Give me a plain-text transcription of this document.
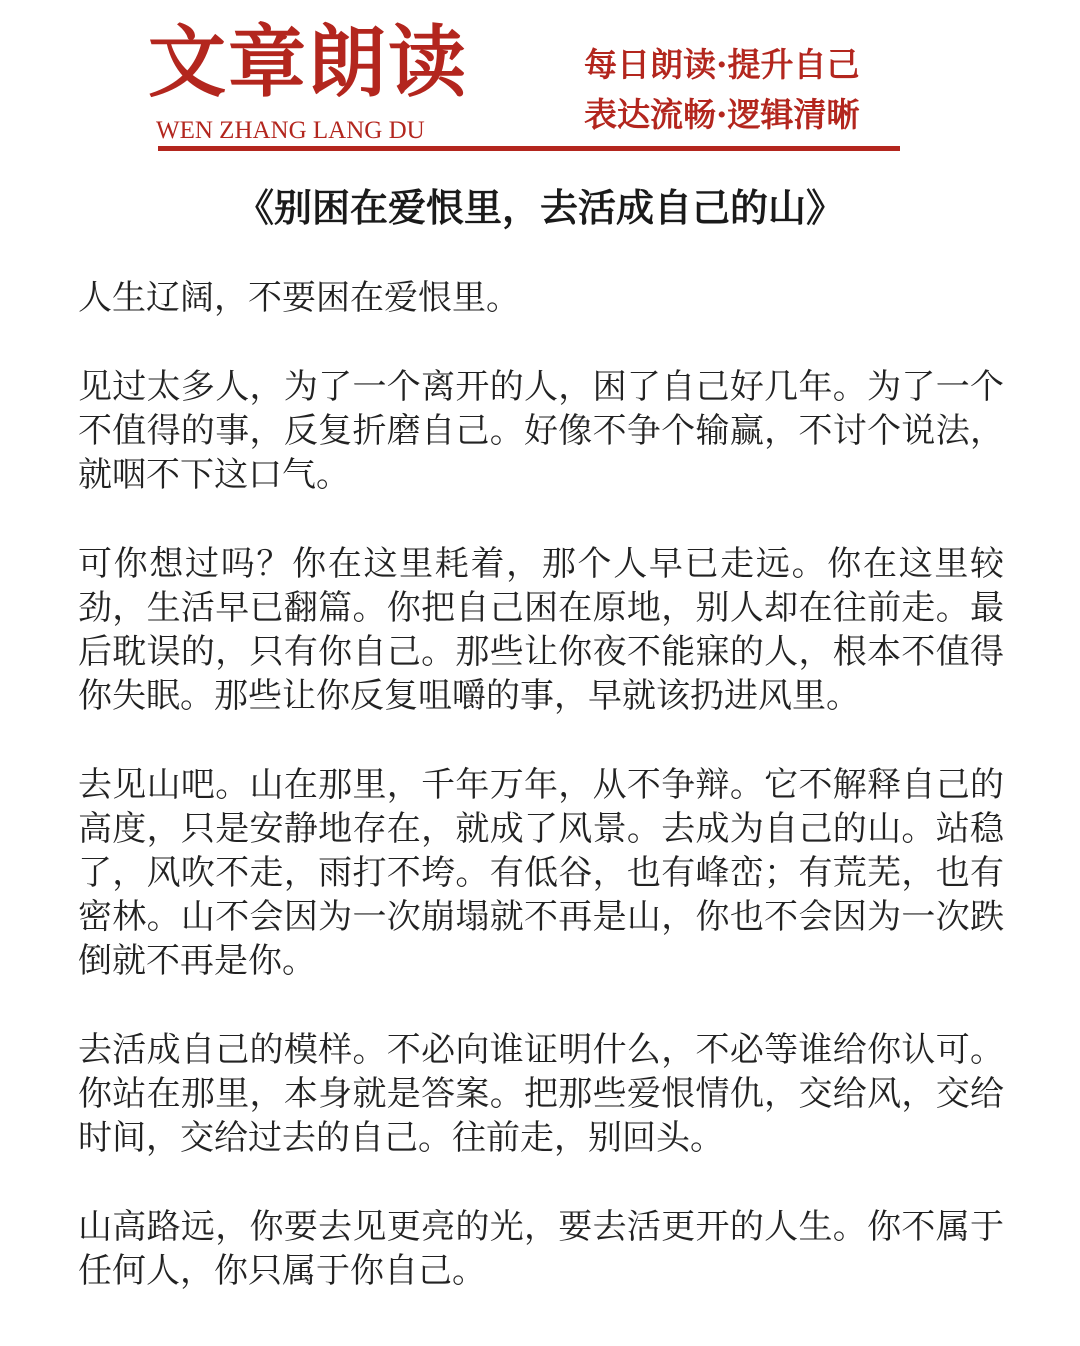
文章朗读
WEN ZHANG LANG DU
每日朗读·提升自己
表达流畅·逻辑清晰
《别困在爱恨里，去活成自己的山》

人生辽阔，不要困在爱恨里。

见过太多人，为了一个离开的人，困了自己好几年。为了一个不值得的事，反复折磨自己。好像不争个输赢，不讨个说法，就咽不下这口气。

可你想过吗？你在这里耗着，那个人早已走远。你在这里较劲，生活早已翻篇。你把自己困在原地，别人却在往前走。最后耽误的，只有你自己。那些让你夜不能寐的人，根本不值得你失眠。那些让你反复咀嚼的事，早就该扔进风里。

去见山吧。山在那里，千年万年，从不争辩。它不解释自己的高度，只是安静地存在，就成了风景。去成为自己的山。站稳了，风吹不走，雨打不垮。有低谷，也有峰峦；有荒芜，也有密林。山不会因为一次崩塌就不再是山，你也不会因为一次跌倒就不再是你。

去活成自己的模样。不必向谁证明什么，不必等谁给你认可。你站在那里，本身就是答案。把那些爱恨情仇，交给风，交给时间，交给过去的自己。往前走，别回头。

山高路远，你要去见更亮的光，要去活更开的人生。你不属于任何人，你只属于你自己。
